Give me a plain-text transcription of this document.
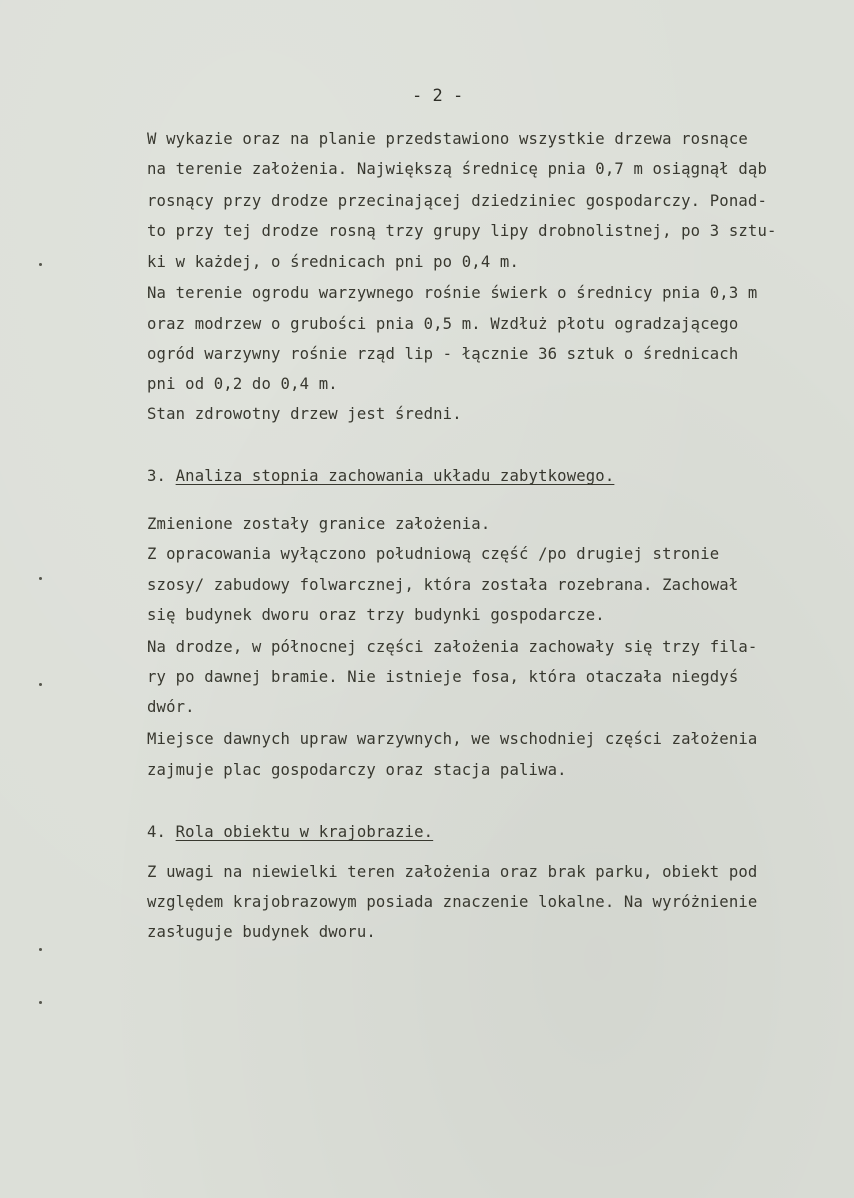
- 2 -
W wykazie oraz na planie przedstawiono wszystkie drzewa rosnące
na terenie założenia. Największą średnicę pnia 0,7 m osiągnął dąb
rosnący przy drodze przecinającej dziedziniec gospodarczy. Ponad-
to przy tej drodze rosną trzy grupy lipy drobnolistnej, po 3 sztu-
ki w każdej, o średnicach pni po 0,4 m.
Na terenie ogrodu warzywnego rośnie świerk o średnicy pnia 0,3 m
oraz modrzew o grubości pnia 0,5 m. Wzdłuż płotu ogradzającego
ogród warzywny rośnie rząd lip - łącznie 36 sztuk o średnicach
pni od 0,2 do 0,4 m.
Stan zdrowotny drzew jest średni.
3. Analiza stopnia zachowania układu zabytkowego.
Zmienione zostały granice założenia.
Z opracowania wyłączono południową część /po drugiej stronie
szosy/ zabudowy folwarcznej, która została rozebrana. Zachował
się budynek dworu oraz trzy budynki gospodarcze.
Na drodze, w północnej części założenia zachowały się trzy fila-
ry po dawnej bramie. Nie istnieje fosa, która otaczała niegdyś
dwór.
Miejsce dawnych upraw warzywnych, we wschodniej części założenia
zajmuje plac gospodarczy oraz stacja paliwa.
4. Rola obiektu w krajobrazie.
Z uwagi na niewielki teren założenia oraz brak parku, obiekt pod
względem krajobrazowym posiada znaczenie lokalne. Na wyróżnienie
zasługuje budynek dworu.
